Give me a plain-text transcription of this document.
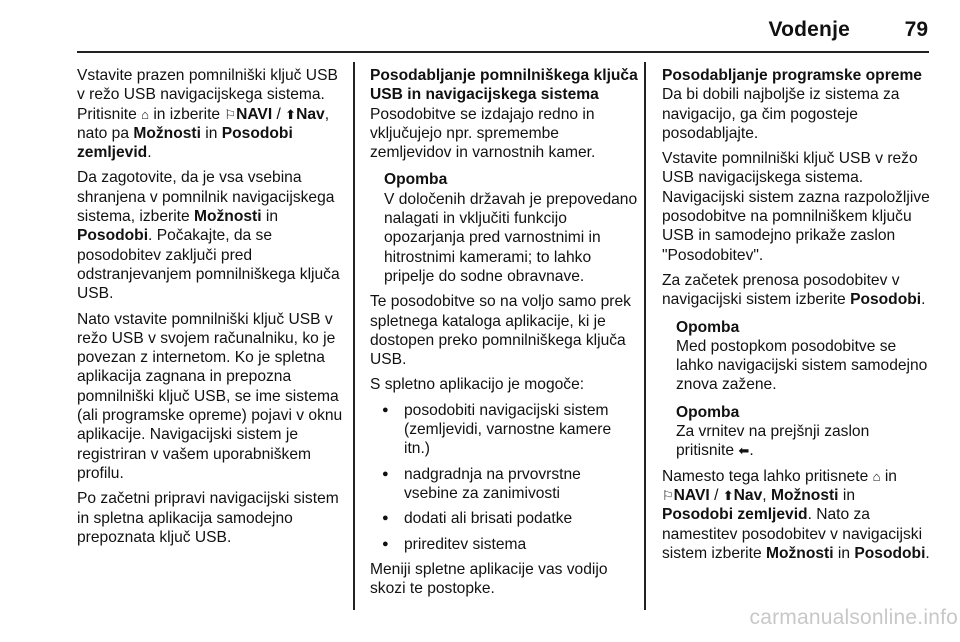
Vodenje	79

Vstavite prazen pomnilniški ključ USB v režo USB navigacijskega sistema. Pritisnite ⌂ in izberite ⚐NAVI / ⬆Nav, nato pa Možnosti in Posodobi zemljevid.

Da zagotovite, da je vsa vsebina shranjena v pomnilnik navigacijskega sistema, izberite Možnosti in Posodobi. Počakajte, da se posodobitev zaključi pred odstranjevanjem pomnilniškega ključa USB.

Nato vstavite pomnilniški ključ USB v režo USB v svojem računalniku, ko je povezan z internetom. Ko je spletna aplikacija zagnana in prepozna pomnilniški ključ USB, se ime sistema (ali programske opreme) pojavi v oknu aplikacije. Navigacijski sistem je registriran v vašem uporabniškem profilu.

Po začetni pripravi navigacijski sistem in spletna aplikacija samodejno prepoznata ključ USB.

Posodabljanje pomnilniškega ključa USB in navigacijskega sistema

Posodobitve se izdajajo redno in vključujejo npr. spremembe zemljevidov in varnostnih kamer.

Opomba
V določenih državah je prepovedano nalagati in vključiti funkcijo opozarjanja pred varnostnimi in hitrostnimi kamerami; to lahko pripelje do sodne obravnave.

Te posodobitve so na voljo samo prek spletnega kataloga aplikacije, ki je dostopen preko pomnilniškega ključa USB.

S spletno aplikacijo je mogoče:

● posodobiti navigacijski sistem (zemljevidi, varnostne kamere itn.)
● nadgradnja na prvovrstne vsebine za zanimivosti
● dodati ali brisati podatke
● prireditev sistema

Meniji spletne aplikacije vas vodijo skozi te postopke.

Posodabljanje programske opreme

Da bi dobili najboljše iz sistema za navigacijo, ga čim pogosteje posodabljajte.

Vstavite pomnilniški ključ USB v režo USB navigacijskega sistema. Navigacijski sistem zazna razpoložljive posodobitve na pomnilniškem ključu USB in samodejno prikaže zaslon "Posodobitev".

Za začetek prenosa posodobitev v navigacijski sistem izberite Posodobi.

Opomba
Med postopkom posodobitve se lahko navigacijski sistem samodejno znova zažene.
Opomba
Za vrnitev na prejšnji zaslon pritisnite ⬅.

Namesto tega lahko pritisnete ⌂ in ⚐NAVI / ⬆Nav, Možnosti in Posodobi zemljevid. Nato za namestitev posodobitev v navigacijski sistem izberite Možnosti in Posodobi.

carmanualsonline.info
